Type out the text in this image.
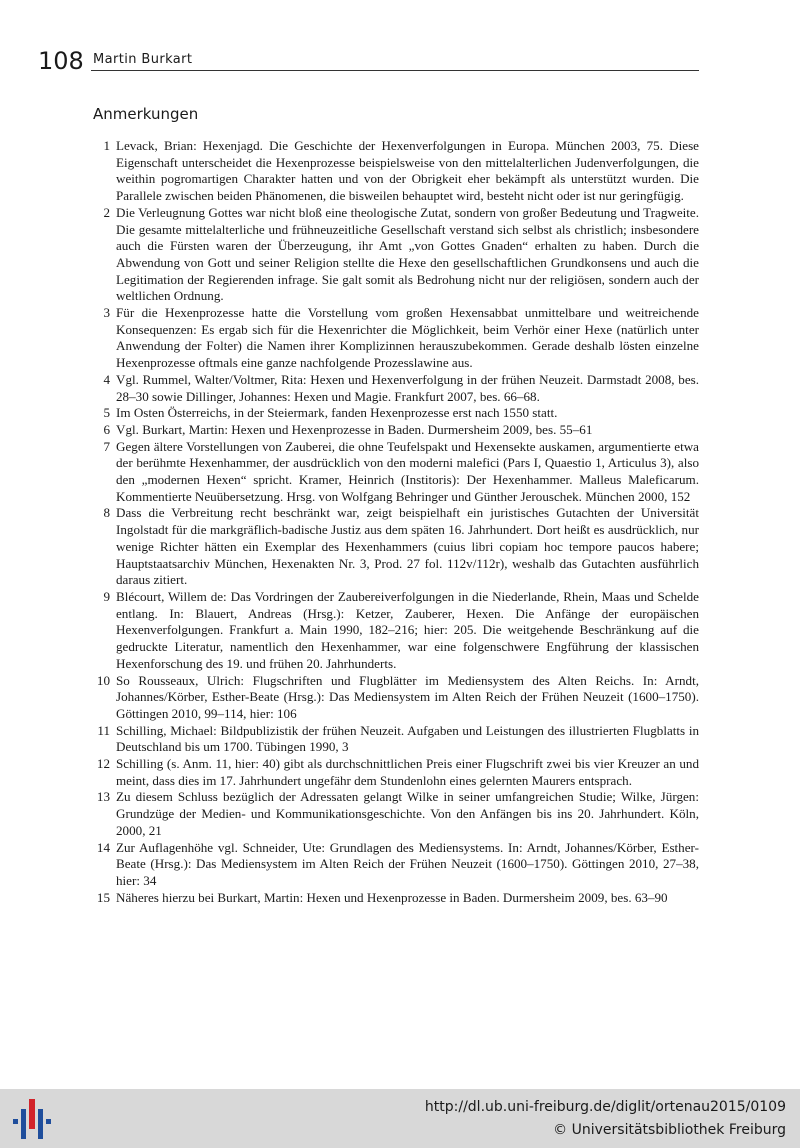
108 Martin Burkart
Anmerkungen
1 Levack, Brian: Hexenjagd. Die Geschichte der Hexenverfolgungen in Europa. München 2003, 75. Diese Eigenschaft unterscheidet die Hexenprozesse beispielsweise von den mittelalterlichen Judenverfolgungen, die weithin pogromartigen Charakter hatten und von der Obrigkeit eher bekämpft als unterstützt wurden. Die Parallele zwischen beiden Phänomenen, die bisweilen behauptet wird, besteht nicht oder ist nur geringfügig.
2 Die Verleugnung Gottes war nicht bloß eine theologische Zutat, sondern von großer Bedeutung und Tragweite. Die gesamte mittelalterliche und frühneuzeitliche Gesellschaft verstand sich selbst als christlich; insbesondere auch die Fürsten waren der Überzeugung, ihr Amt „von Gottes Gnaden“ erhalten zu haben. Durch die Abwendung von Gott und seiner Religion stellte die Hexe den gesellschaftlichen Grundkonsens und auch die Legitimation der Regierenden infrage. Sie galt somit als Bedrohung nicht nur der religiösen, sondern auch der weltlichen Ordnung.
3 Für die Hexenprozesse hatte die Vorstellung vom großen Hexensabbat unmittelbare und weitreichende Konsequenzen: Es ergab sich für die Hexenrichter die Möglichkeit, beim Verhör einer Hexe (natürlich unter Anwendung der Folter) die Namen ihrer Komplizinnen herauszubekommen. Gerade deshalb lösten einzelne Hexenprozesse oftmals eine ganze nachfolgende Prozesslawine aus.
4 Vgl. Rummel, Walter/Voltmer, Rita: Hexen und Hexenverfolgung in der frühen Neuzeit. Darmstadt 2008, bes. 28–30 sowie Dillinger, Johannes: Hexen und Magie. Frankfurt 2007, bes. 66–68.
5 Im Osten Österreichs, in der Steiermark, fanden Hexenprozesse erst nach 1550 statt.
6 Vgl. Burkart, Martin: Hexen und Hexenprozesse in Baden. Durmersheim 2009, bes. 55–61
7 Gegen ältere Vorstellungen von Zauberei, die ohne Teufelspakt und Hexensekte auskamen, argumentierte etwa der berühmte Hexenhammer, der ausdrücklich von den moderni malefici (Pars I, Quaestio 1, Articulus 3), also den „modernen Hexen“ spricht. Kramer, Heinrich (Institoris): Der Hexenhammer. Malleus Maleficarum. Kommentierte Neuübersetzung. Hrsg. von Wolfgang Behringer und Günther Jerouschek. München 2000, 152
8 Dass die Verbreitung recht beschränkt war, zeigt beispielhaft ein juristisches Gutachten der Universität Ingolstadt für die markgräflich-badische Justiz aus dem späten 16. Jahrhundert. Dort heißt es ausdrücklich, nur wenige Richter hätten ein Exemplar des Hexenhammers (cuius libri copiam hoc tempore paucos habere; Hauptstaatsarchiv München, Hexenakten Nr. 3, Prod. 27 fol. 112v/112r), weshalb das Gutachten ausführlich daraus zitiert.
9 Blécourt, Willem de: Das Vordringen der Zaubereiverfolgungen in die Niederlande, Rhein, Maas und Schelde entlang. In: Blauert, Andreas (Hrsg.): Ketzer, Zauberer, Hexen. Die Anfänge der europäischen Hexenverfolgungen. Frankfurt a. Main 1990, 182–216; hier: 205. Die weitgehende Beschränkung auf die gedruckte Literatur, namentlich den Hexenhammer, war eine folgenschwere Engführung der klassischen Hexenforschung des 19. und frühen 20. Jahrhunderts.
10 So Rousseaux, Ulrich: Flugschriften und Flugblätter im Mediensystem des Alten Reichs. In: Arndt, Johannes/Körber, Esther-Beate (Hrsg.): Das Mediensystem im Alten Reich der Frühen Neuzeit (1600–1750). Göttingen 2010, 99–114, hier: 106
11 Schilling, Michael: Bildpublizistik der frühen Neuzeit. Aufgaben und Leistungen des illustrierten Flugblatts in Deutschland bis um 1700. Tübingen 1990, 3
12 Schilling (s. Anm. 11, hier: 40) gibt als durchschnittlichen Preis einer Flugschrift zwei bis vier Kreuzer an und meint, dass dies im 17. Jahrhundert ungefähr dem Stundenlohn eines gelernten Maurers entsprach.
13 Zu diesem Schluss bezüglich der Adressaten gelangt Wilke in seiner umfangreichen Studie; Wilke, Jürgen: Grundzüge der Medien- und Kommunikationsgeschichte. Von den Anfängen bis ins 20. Jahrhundert. Köln, 2000, 21
14 Zur Auflagenhöhe vgl. Schneider, Ute: Grundlagen des Mediensystems. In: Arndt, Johannes/Körber, Esther-Beate (Hrsg.): Das Mediensystem im Alten Reich der Frühen Neuzeit (1600–1750). Göttingen 2010, 27–38, hier: 34
15 Näheres hierzu bei Burkart, Martin: Hexen und Hexenprozesse in Baden. Durmersheim 2009, bes. 63–90
http://dl.ub.uni-freiburg.de/diglit/ortenau2015/0109
© Universitätsbibliothek Freiburg
